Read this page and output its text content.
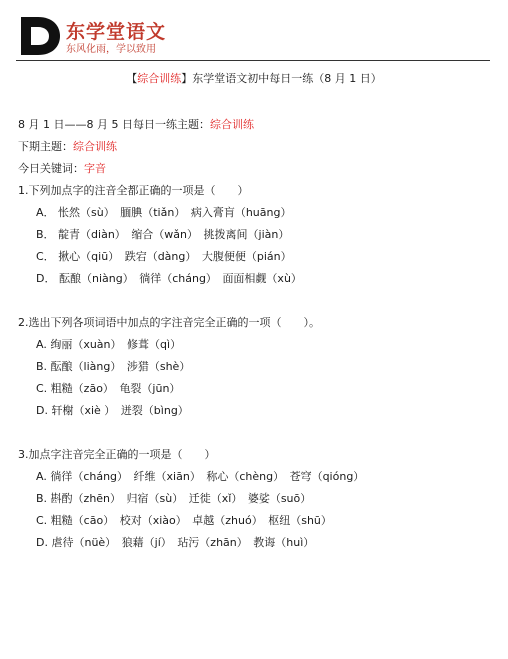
东学堂语文
东风化雨，学以致用
【综合训练】东学堂语文初中每日一练（8 月 1 日）
8 月 1 日——8 月 5 日每日一练主题：综合训练
下期主题：综合训练
今日关键词：字音
1.下列加点字的注音全都正确的一项是（　　）
A． 怅然（sù）　 腼腆（tiǎn）　 病入膏肓（huāng）
B． 靛青（diàn）　 缩合（wǎn）　 挑拨离间（jiàn）
C． 揪心（qiū）　 跌宕（dàng）　 大腹便便（pián）
D． 酝酿（niàng）　 徜徉（cháng）　 面面相觑（xù）
2.选出下列各项词语中加点的字注音完全正确的一项（　　）。
A. 绚丽（xuàn）　 修葺（qì）
B. 酝酿（liàng）　 涉猎（shè）
C. 粗糙（zāo）　 龟裂（jūn）
D. 轩榭（xiè ）　 迸裂（bìng）
3.加点字注音完全正确的一项是（　　）
A. 徜徉（cháng）　 纤维（xiān）　 称心（chèng）　 苍穹（qióng）
B. 斟酌（zhēn）　 归宿（sù）　 迁徙（xǐ）　 婆娑（suō）
C. 粗糙（cāo）　 校对（xiào）　 卓越（zhuó）　 枢纽（shū）
D. 虐待（nüè）　 狼藉（jí）　 玷污（zhān）　 教诲（huì）
